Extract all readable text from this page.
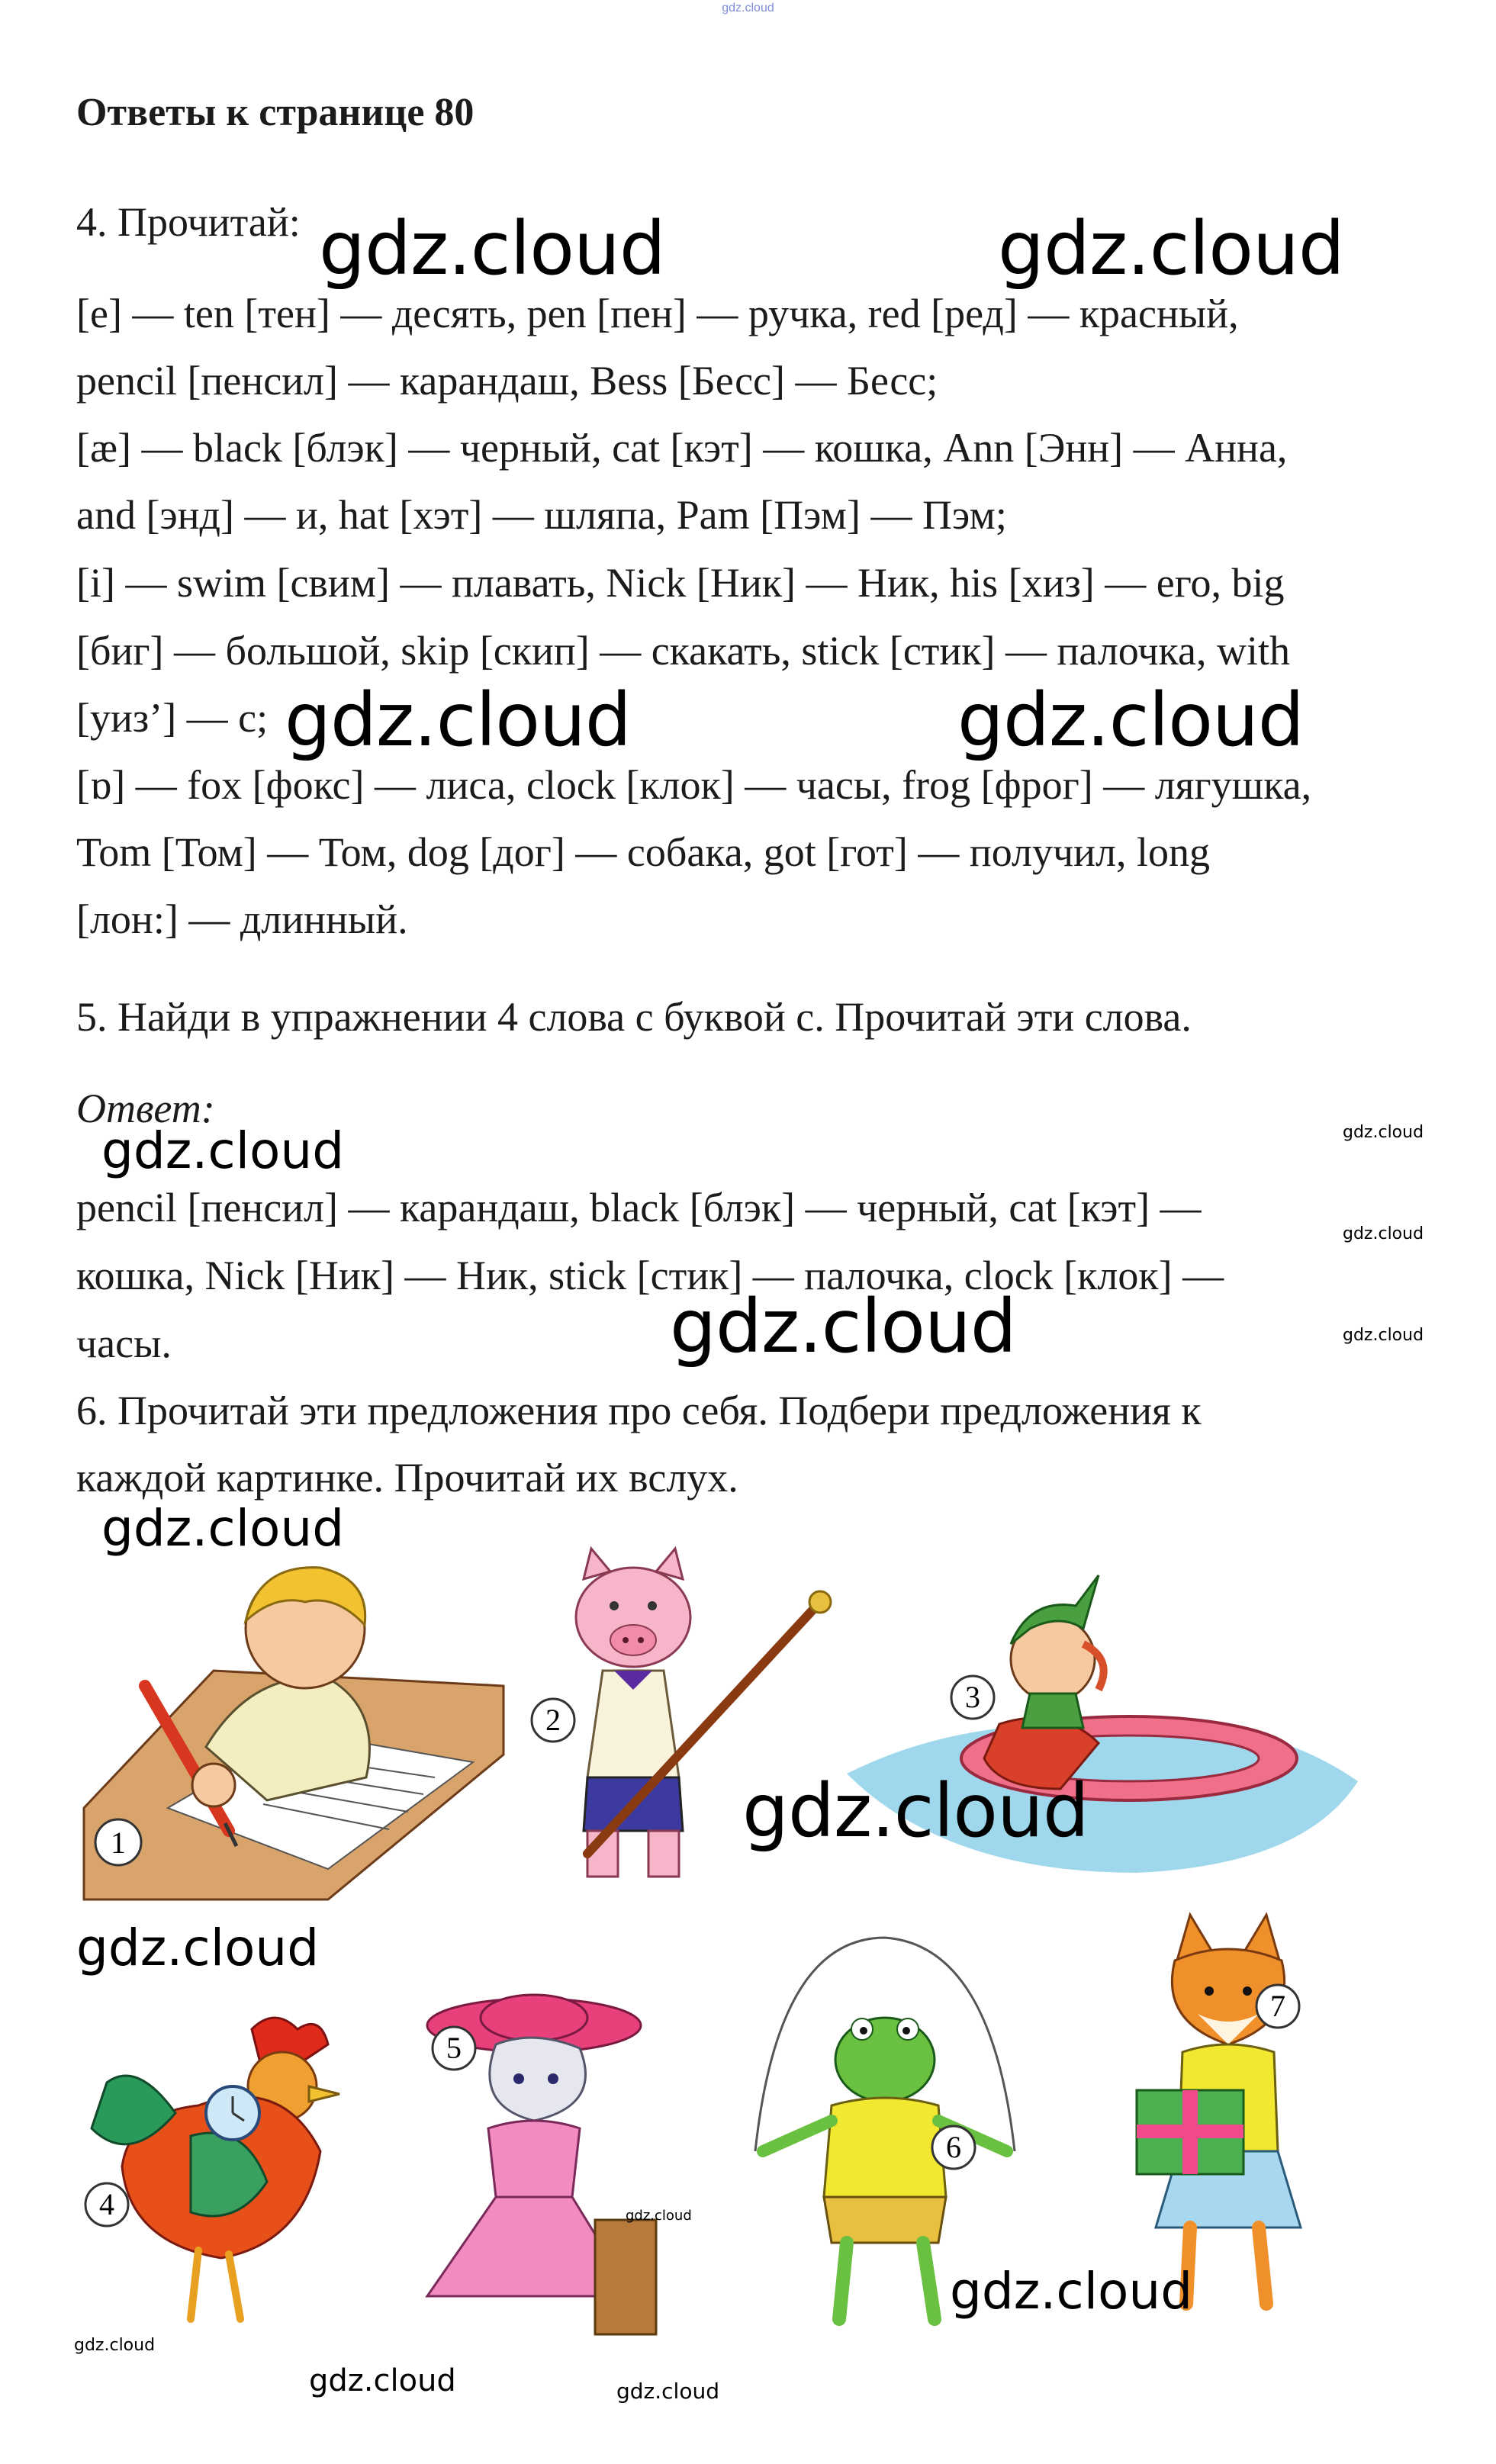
gdz.cloud
Ответы к странице 80
4. Прочитай:
[e] — ten [тен] — десять, pen [пен] — ручка, red [ред] — красный,
pencil [пенсил] — карандаш, Bess [Бесс] — Бесс;
[æ] — black [блэк] — черный, cat [кэт] — кошка, Ann [Энн] — Анна,
and [энд] — и, hat [хэт] — шляпа, Pam [Пэм] — Пэм;
[i] — swim [свим] — плавать, Nick [Ник] — Ник, his [хиз] — его, big
[биг] — большой, skip [скип] — скакать, stick [стик] — палочка, with
[уиз’] — с;
[ɒ] — fox [фокс] — лиса, clock [клок] — часы, frog [фрог] — лягушка,
Tom [Том] — Том, dog [дог] — собака, got [гот] — получил, long
[лон:] — длинный.
5. Найди в упражнении 4 слова с буквой с. Прочитай эти слова.
Ответ:
pencil [пенсил] — карандаш, black [блэк] — черный, cat [кэт] —
кошка, Nick [Ник] — Ник, stick [стик] — палочка, clock [клок] —
часы.
6. Прочитай эти предложения про себя. Подбери предложения к
каждой картинке. Прочитай их вслух.
1
2
3
4
5
6
7
gdz.cloud	gdz.cloud
gdz.cloud	gdz.cloud
gdz.cloud	gdz.cloud
gdz.cloud
gdz.cloud
gdz.cloud
gdz.cloud
gdz.cloud
gdz.cloud
gdz.cloud
gdz.cloud
gdz.cloud
gdz.cloud	gdz.cloud
